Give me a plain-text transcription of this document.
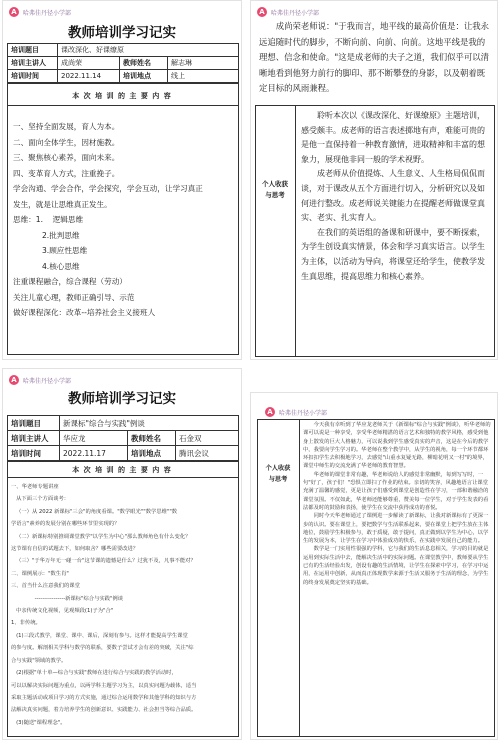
A	哈弗佳丹径小学部
教师培训学习记实
培训题目	课改深化、好课缭原		
培训主讲人	成尚荣	教师姓名	解志琳
培训时间	2022.11.14	培训地点	线上
本 次 培 训 的 主 要 内 容
一、坚持全面发展，育人为本。
二、面向全体学生，因材施教。
三、聚焦核心素养，面向未来。
四、变革育人方式，注重挽子。
学会沟通、学会合作，学会探究，学会互动，让学习真正
发生，就是让思维真正发生。
思维：1.    逻辑思维
2.批判思维
3.顾应性思维
4.核心思维
注重课程融合，综合课程（劳动）
关注儿童心理，教师正确引导、示范
做好课程深化：改革--培养社会主义接班人
A	哈弗佳丹径小学部

成尚荣老师说："于我而言，地平线的最高价值是：让我永远追随时代的脚步，不断向前、向前、向前。这地平线是我的理想、信念和使命。"这是成老师的夫子之道，我们似乎可以清晰地看到他努力前行的脚印、那不断攀登的身影，以及朝着既定目标的风雨兼程。

个人收获
与思考

聆听本次以《课改深化、好课缭原》主题培训，感受颇丰。成老师的语言表述掷地有声，难能可贵的是他一直保持着一种教育激情，进取精神和丰富的想象力，展现他非同一般的学术视野。

成老师从价值提炼、人生意义、人生格局侃侃而谈，对于课改从五个方面进行切入，分析研究以及如何进行整改。成老师说关键能力在提醒老师做课堂真实、老实、扎实育人。

在我们的英语组的备课和研课中，要不断探索，为学生创设真实情景，体会和学习真实语言。以学生为主体，以活动为导向，将课堂还给学生，使教学发生真思维，提高思维力和核心素养。

A	哈弗佳丹径小学部
教师培训学习记实
培训题目	新课标"综合与实践"例谈		
培训主讲人	华应龙	教师姓名	石金双
培训时间	2022.11.17	培训地点	腾讯会议
本 次 培 训 的 主 要 内 容
一、华老师专题讲座
从下面三个方面谈考：
（一）从 2022 新课标"三会"的角度看课。"数学眼光""数学思维""数
学语言"素养的发展分别在哪些环节里实现的？
（二）新课标特别推调课堂教学"以学生为中心"那么教师角色有什么变化？
这节课有自信的试题去下，如何取舍？哪些需要改进？
（三）"于华万年无一碰一台"这节课的遗憾是什么？过犹不及，凡事不能对？
二、课例展示："数生肖"
三、首当什么注意我们的课堂
----------------新课标"综合与实践"例谈
中亲传统文化视频，见观频段(1)子为"合"
1、非传统。
(1)三段式教学，课堂、课中、课后，深刻有参与。这样才能提高学生课堂
的参与度。解剖相关学科与数学的联系，要数子尝试才会有差的突破，关注"综
合与实践"领域的教学。
(2)根据"单十单—综合与实践"教师在进行综合与实践的教学活动时，
可以以解决实际问题为重点，以两学科主题学习为主，以真实问题为载体，适当
采取主题活动或项目学习的方式实施，通过综合运用数学和其他学科的知识与方
法解决真实问题，着力培养学生的创新意识、实践能力、社会担当等综合品质。
(3)随送"课程理念"。
A	哈弗佳丹径小学部
个人收获
与思考

今天我有幸听到了华应龙老师关于《新课标"综合与实践"例谈》，听华老师的课可以说是一种享受，享受华老师精湛的语言艺术和独特的教学风格，感受到他身上散发的巨大人格魅力，可以说我到学生感受真实的声音，这是在今后的教学中，我要向学生学习的。华老师在整个教学中，从学生的视角，每一个环节都环环扣扣学生去积极地学习，去感觉"山重水复疑无路，柳暗花明又一村"的境界，课堂中师生的交流充满了华老师的教育智慧。

华老师的课堂非常有趣，华老师说给人的感觉非常幽默，每到写写时，一句"好了，孩子们！"恐惧立即扫了作业的结束。亲切的笑容，风趣地语言让课堂充满了温馨的感觉，更是让孩子们感受到课堂是创造性在学习，一部和谐融洽的课堂氛围。不仅如此，华老师还能够尊重，赞美每一位学生，对于学生发表的看法都及时的鼓励和表扬，使学生在交流中获得成功的喜悦。

同时今天华老师通过了课例进一步解读了新课标，让我对新课标有了更深一步的认识。要在课堂上，要把数学与生活联系起来，要在课堂上把学生放在主体地位，鼓励学生积极参与，敢于质疑，敢于提问，真正做到以学生为中心，以学生的发展为本，让学生在学习中体验成功的快乐，在实践中发展自己的能力。

数学是一门实用性很强的学科，它与我们的生活息息相关，学习的目的就是运用到实际生活中去，能解决生活中的实际问题。在课堂教学中，教师要从学生已有的生活经验出发，创设有趣的生活情境，让学生在探索中学习，在学习中运用，在运用中创新，从而真正体现数学来源于生活又服务于生活的理念，为学生的终身发展奠定坚实的基础。
